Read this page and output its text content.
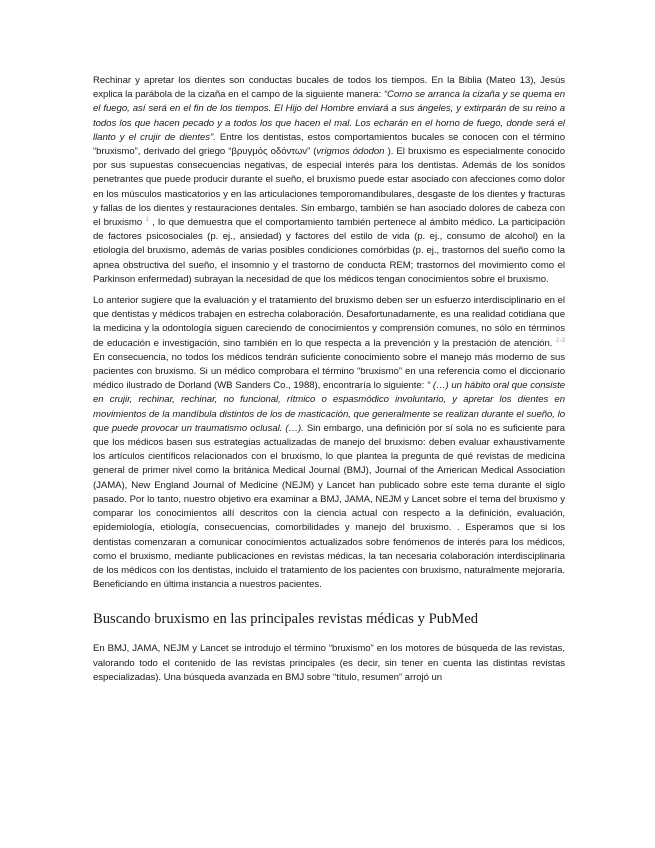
Rechinar y apretar los dientes son conductas bucales de todos los tiempos. En la Biblia (Mateo 13), Jesús explica la parábola de la cizaña en el campo de la siguiente manera: “Como se arranca la cizaña y se quema en el fuego, así será en el fin de los tiempos. El Hijo del Hombre enviará a sus ángeles, y extirparán de su reino a todos los que hacen pecado y a todos los que hacen el mal. Los echarán en el horno de fuego, donde será el llanto y el crujir de dientes”. Entre los dentistas, estos comportamientos bucales se conocen con el término “bruxismo”, derivado del griego “βρυγμός οδόντων” (vrigmos ódodon ). El bruxismo es especialmente conocido por sus supuestas consecuencias negativas, de especial interés para los dentistas. Además de los sonidos penetrantes que puede producir durante el sueño, el bruxismo puede estar asociado con afecciones como dolor en los músculos masticatorios y en las articulaciones temporomandibulares, desgaste de los dientes y fracturas y fallas de los dientes y restauraciones dentales. Sin embargo, también se han asociado dolores de cabeza con el bruxismo $^1$ , lo que demuestra que el comportamiento también pertenece al ámbito médico. La participación de factores psicosociales (p. ej., ansiedad) y factores del estilo de vida (p. ej., consumo de alcohol) en la etiología del bruxismo, además de varias posibles condiciones comórbidas (p. ej., trastornos del sueño como la apnea obstructiva del sueño, el insomnio y el trastorno de conducta REM; trastornos del movimiento como el Parkinson enfermedad) subrayan la necesidad de que los médicos tengan conocimientos sobre el bruxismo.

Lo anterior sugiere que la evaluación y el tratamiento del bruxismo deben ser un esfuerzo interdisciplinario en el que dentistas y médicos trabajen en estrecha colaboración. Desafortunadamente, es una realidad cotidiana que la medicina y la odontología siguen careciendo de conocimientos y comprensión comunes, no sólo en términos de educación e investigación, sino también en lo que respecta a la prevención y la prestación de atención. $^{2-3}$ En consecuencia, no todos los médicos tendrán suficiente conocimiento sobre el manejo más moderno de sus pacientes con bruxismo. Si un médico comprobara el término “bruxismo” en una referencia como el diccionario médico ilustrado de Dorland (WB Sanders Co., 1988), encontraría lo siguiente: “ (…) un hábito oral que consiste en crujir, rechinar, rechinar, no funcional, rítmico o espasmódico involuntario, y apretar los dientes en movimientos de la mandíbula distintos de los de masticación, que generalmente se realizan durante el sueño, lo que puede provocar un traumatismo oclusal. (…). Sin embargo, una definición por sí sola no es suficiente para que los médicos basen sus estrategias actualizadas de manejo del bruxismo: deben evaluar exhaustivamente los artículos científicos relacionados con el bruxismo, lo que plantea la pregunta de qué revistas de medicina general de primer nivel como la británica Medical Journal (BMJ), Journal of the American Medical Association (JAMA), New England Journal of Medicine (NEJM) y Lancet han publicado sobre este tema durante el siglo pasado. Por lo tanto, nuestro objetivo era examinar a BMJ, JAMA, NEJM y Lancet sobre el tema del bruxismo y comparar los conocimientos allí descritos con la ciencia actual con respecto a la definición, evaluación, epidemiología, etiología, consecuencias, comorbilidades y manejo del bruxismo. . Esperamos que si los dentistas comenzaran a comunicar conocimientos actualizados sobre fenómenos de interés para los médicos, como el bruxismo, mediante publicaciones en revistas médicas, la tan necesaria colaboración interdisciplinaria de los médicos con los dentistas, incluido el tratamiento de los pacientes con bruxismo, naturalmente mejoraría. Beneficiando en última instancia a nuestros pacientes.

Buscando bruxismo en las principales revistas médicas y PubMed

En BMJ, JAMA, NEJM y Lancet se introdujo el término “bruxismo” en los motores de búsqueda de las revistas, valorando todo el contenido de las revistas principales (es decir, sin tener en cuenta las distintas revistas especializadas). Una búsqueda avanzada en BMJ sobre “título, resumen” arrojó un
